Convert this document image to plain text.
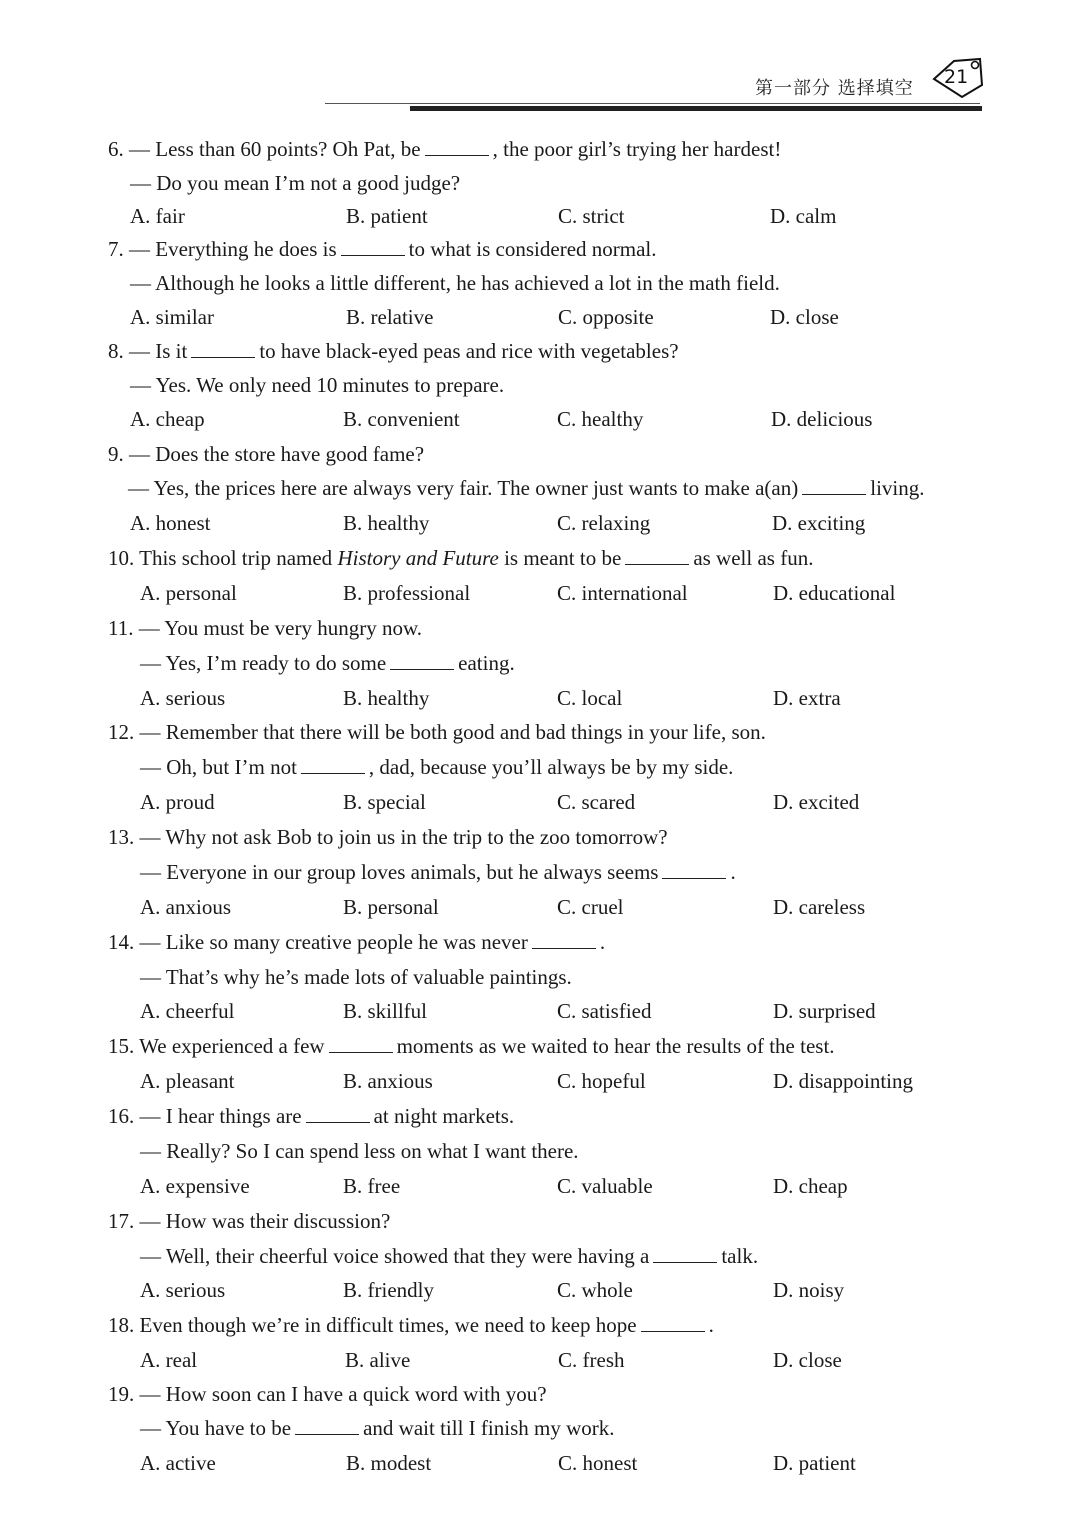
第一部分 选择填空
21
6. — Less than 60 points? Oh Pat, be	, the poor girl’s trying her hardest!
— Do you mean I’m not a good judge?
A. fair	B. patient	C. strict	D. calm
7. — Everything he does is	to what is considered normal.
— Although he looks a little different, he has achieved a lot in the math field.
A. similar	B. relative	C. opposite	D. close
8. — Is it	to have black-eyed peas and rice with vegetables?
— Yes. We only need 10 minutes to prepare.
A. cheap	B. convenient	C. healthy	D. delicious
9. — Does the store have good fame?
— Yes, the prices here are always very fair. The owner just wants to make a(an)	living.
A. honest	B. healthy	C. relaxing	D. exciting
10. This school trip named History and Future is meant to be	as well as fun.
A. personal	B. professional	C. international	D. educational
11. — You must be very hungry now.
— Yes, I’m ready to do some	eating.
A. serious	B. healthy	C. local	D. extra
12. — Remember that there will be both good and bad things in your life, son.
— Oh, but I’m not	, dad, because you’ll always be by my side.
A. proud	B. special	C. scared	D. excited
13. — Why not ask Bob to join us in the trip to the zoo tomorrow?
— Everyone in our group loves animals, but he always seems	.
A. anxious	B. personal	C. cruel	D. careless
14. — Like so many creative people he was never	.
— That’s why he’s made lots of valuable paintings.
A. cheerful	B. skillful	C. satisfied	D. surprised
15. We experienced a few	moments as we waited to hear the results of the test.
A. pleasant	B. anxious	C. hopeful	D. disappointing
16. — I hear things are	at night markets.
— Really? So I can spend less on what I want there.
A. expensive	B. free	C. valuable	D. cheap
17. — How was their discussion?
— Well, their cheerful voice showed that they were having a	talk.
A. serious	B. friendly	C. whole	D. noisy
18. Even though we’re in difficult times, we need to keep hope	.
A. real	B. alive	C. fresh	D. close
19. — How soon can I have a quick word with you?
— You have to be	and wait till I finish my work.
A. active	B. modest	C. honest	D. patient
